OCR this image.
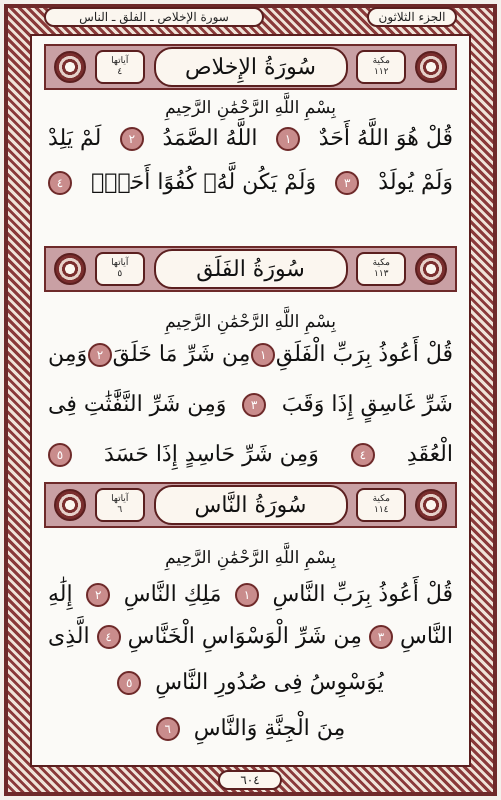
الجزء الثلاثون
سورة الإخلاص ـ الفلق ـ الناس
مكية
١١٢
سُورَةُ الإِخلاص
آياتها
٤
بِسْمِ اللَّهِ الرَّحْمَٰنِ الرَّحِيمِ
قُلْ هُوَ اللَّهُ أَحَدٌ
١
اللَّهُ الصَّمَدُ
٢
لَمْ يَلِدْ
وَلَمْ يُولَدْ
٣
وَلَمْ يَكُن لَّهُۥ كُفُوًا أَحَدٌۢ
٤
مكية
١١٣
سُورَةُ الفَلَق
آياتها
٥
بِسْمِ اللَّهِ الرَّحْمَٰنِ الرَّحِيمِ
قُلْ أَعُوذُ بِرَبِّ الْفَلَقِ
١
مِن شَرِّ مَا خَلَقَ
٢
وَمِن
شَرِّ غَاسِقٍ إِذَا وَقَبَ
٣
وَمِن شَرِّ النَّفَّٰثَٰتِ فِى
الْعُقَدِ
٤
وَمِن شَرِّ حَاسِدٍ إِذَا حَسَدَ
٥
مكية
١١٤
سُورَةُ النَّاس
آياتها
٦
بِسْمِ اللَّهِ الرَّحْمَٰنِ الرَّحِيمِ
قُلْ أَعُوذُ بِرَبِّ النَّاسِ
١
مَلِكِ النَّاسِ
٢
إِلَٰهِ
النَّاسِ
٣
مِن شَرِّ الْوَسْوَاسِ الْخَنَّاسِ
٤
الَّذِى
يُوَسْوِسُ فِى صُدُورِ النَّاسِ
٥
مِنَ الْجِنَّةِ وَالنَّاسِ
٦
٦٠٤
